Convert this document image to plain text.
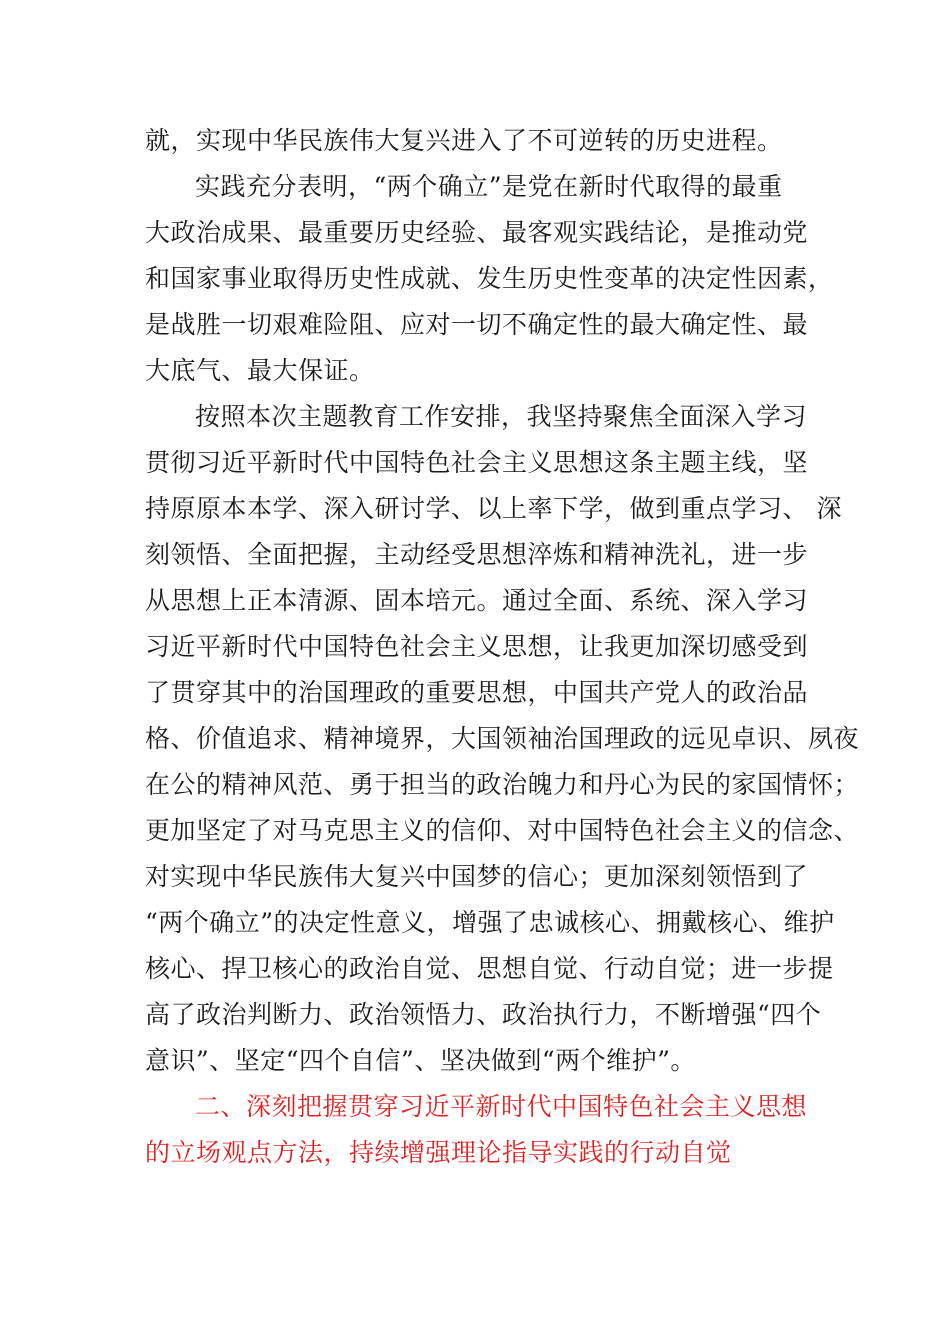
就，实现中华民族伟大复兴进入了不可逆转的历史进程。
实践充分表明，“两个确立”是党在新时代取得的最重
大政治成果、最重要历史经验、最客观实践结论，是推动党
和国家事业取得历史性成就、发生历史性变革的决定性因素，
是战胜一切艰难险阻、应对一切不确定性的最大确定性、最
大底气、最大保证。
按照本次主题教育工作安排，我坚持聚焦全面深入学习
贯彻习近平新时代中国特色社会主义思想这条主题主线，坚
持原原本本学、深入研讨学、以上率下学，做到重点学习、 深
刻领悟、全面把握，主动经受思想淬炼和精神洗礼，进一步
从思想上正本清源、固本培元。通过全面、系统、深入学习
习近平新时代中国特色社会主义思想，让我更加深切感受到
了贯穿其中的治国理政的重要思想，中国共产党人的政治品
格、价值追求、精神境界，大国领袖治国理政的远见卓识、夙夜
在公的精神风范、勇于担当的政治魄力和丹心为民的家国情怀；
更加坚定了对马克思主义的信仰、对中国特色社会主义的信念、
对实现中华民族伟大复兴中国梦的信心；更加深刻领悟到了
“两个确立”的决定性意义，增强了忠诚核心、拥戴核心、维护
核心、捍卫核心的政治自觉、思想自觉、行动自觉；进一步提
高了政治判断力、政治领悟力、政治执行力，不断增强“四个
意识”、坚定“四个自信”、坚决做到“两个维护”。
二、深刻把握贯穿习近平新时代中国特色社会主义思想
的立场观点方法，持续增强理论指导实践的行动自觉
